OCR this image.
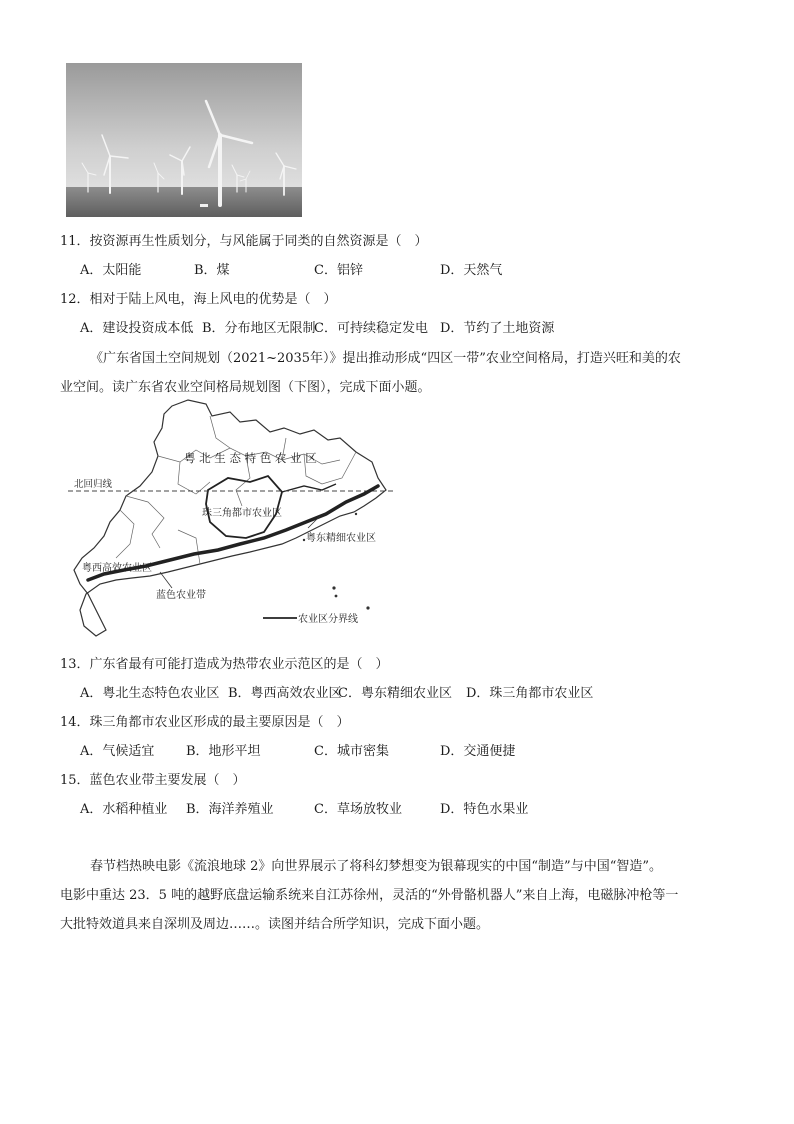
11．按资源再生性质划分，与风能属于同类的自然资源是（　）
A．太阳能	B．煤	C．铝锌	D．天然气
12．相对于陆上风电，海上风电的优势是（　）
A．建设投资成本低 B．分布地区无限制
C．可持续稳定发电 D．节约了土地资源
《广东省国土空间规划（2021~2035年）》提出推动形成“四区一带”农业空间格局，打造兴旺和美的农
业空间。读广东省农业空间格局规划图（下图），完成下面小题。
粤 北 生 态 特 色 农 业 区
北回归线
珠三角都市农业区
粤东精细农业区
粤西高效农业区
蓝色农业带
农业区分界线
13．广东省最有可能打造成为热带农业示范区的是（　）
A．粤北生态特色农业区 B．粤西高效农业区
C．粤东精细农业区 D．珠三角都市农业区
14．珠三角都市农业区形成的最主要原因是（　）
A．气候适宜 B．地形平坦	C．城市密集	D．交通便捷
15．蓝色农业带主要发展（　）
A．水稻种植业 B．海洋养殖业	C．草场放牧业	D．特色水果业
春节档热映电影《流浪地球 2》向世界展示了将科幻梦想变为银幕现实的中国“制造”与中国“智造”。
电影中重达 23．5 吨的越野底盘运输系统来自江苏徐州，灵活的“外骨骼机器人”来自上海，电磁脉冲枪等一
大批特效道具来自深圳及周边……。读图并结合所学知识，完成下面小题。
